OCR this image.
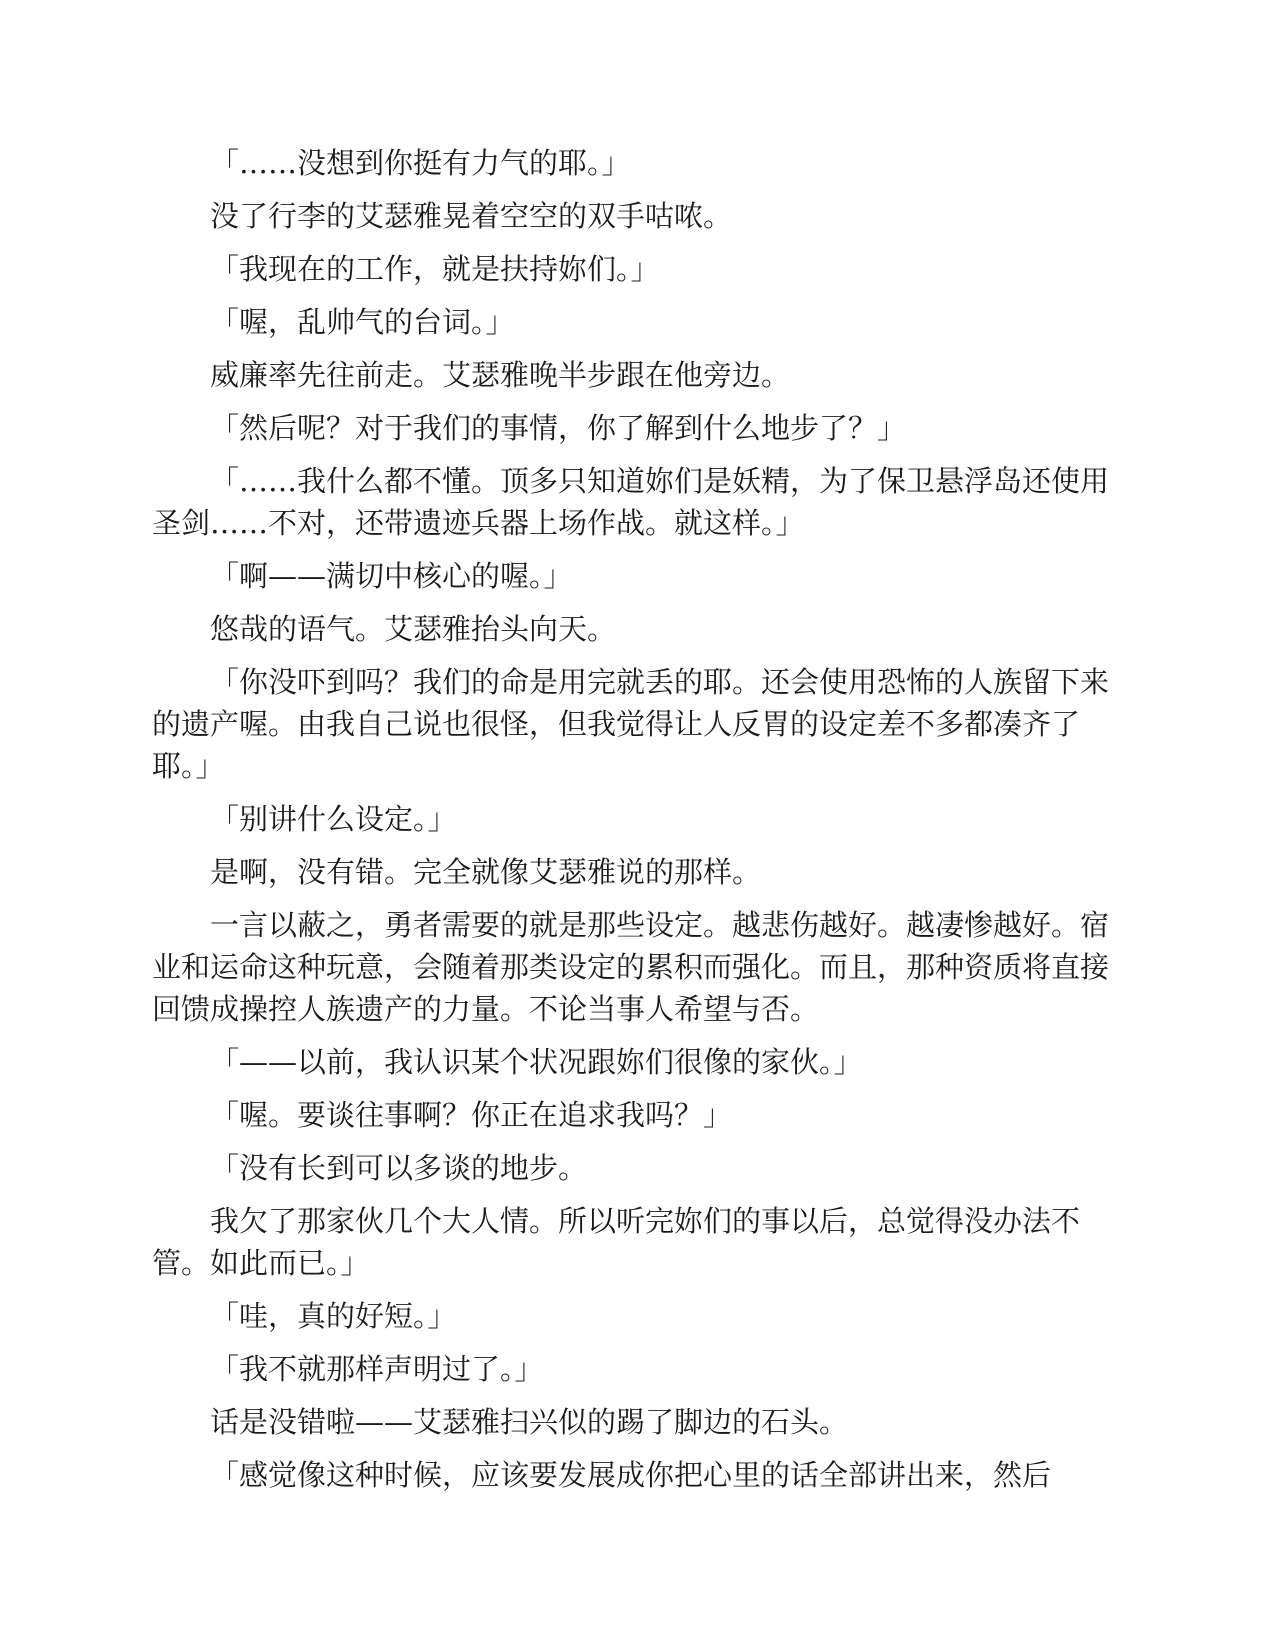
「……没想到你挺有力气的耶。」

没了行李的艾瑟雅晃着空空的双手咕哝。

「我现在的工作，就是扶持妳们。」

「喔，乱帅气的台词。」

威廉率先往前走。艾瑟雅晚半步跟在他旁边。

「然后呢？对于我们的事情，你了解到什么地步了？」

「……我什么都不懂。顶多只知道妳们是妖精，为了保卫悬浮岛还使用圣剑……不对，还带遗迹兵器上场作战。就这样。」

「啊——满切中核心的喔。」

悠哉的语气。艾瑟雅抬头向天。

「你没吓到吗？我们的命是用完就丢的耶。还会使用恐怖的人族留下来的遗产喔。由我自己说也很怪，但我觉得让人反胃的设定差不多都凑齐了耶。」

「别讲什么设定。」

是啊，没有错。完全就像艾瑟雅说的那样。

一言以蔽之，勇者需要的就是那些设定。越悲伤越好。越凄惨越好。宿业和运命这种玩意，会随着那类设定的累积而强化。而且，那种资质将直接回馈成操控人族遗产的力量。不论当事人希望与否。

「——以前，我认识某个状况跟妳们很像的家伙。」

「喔。要谈往事啊？你正在追求我吗？」

「没有长到可以多谈的地步。

我欠了那家伙几个大人情。所以听完妳们的事以后，总觉得没办法不管。如此而已。」

「哇，真的好短。」

「我不就那样声明过了。」

话是没错啦——艾瑟雅扫兴似的踢了脚边的石头。

「感觉像这种时候，应该要发展成你把心里的话全部讲出来，然后
